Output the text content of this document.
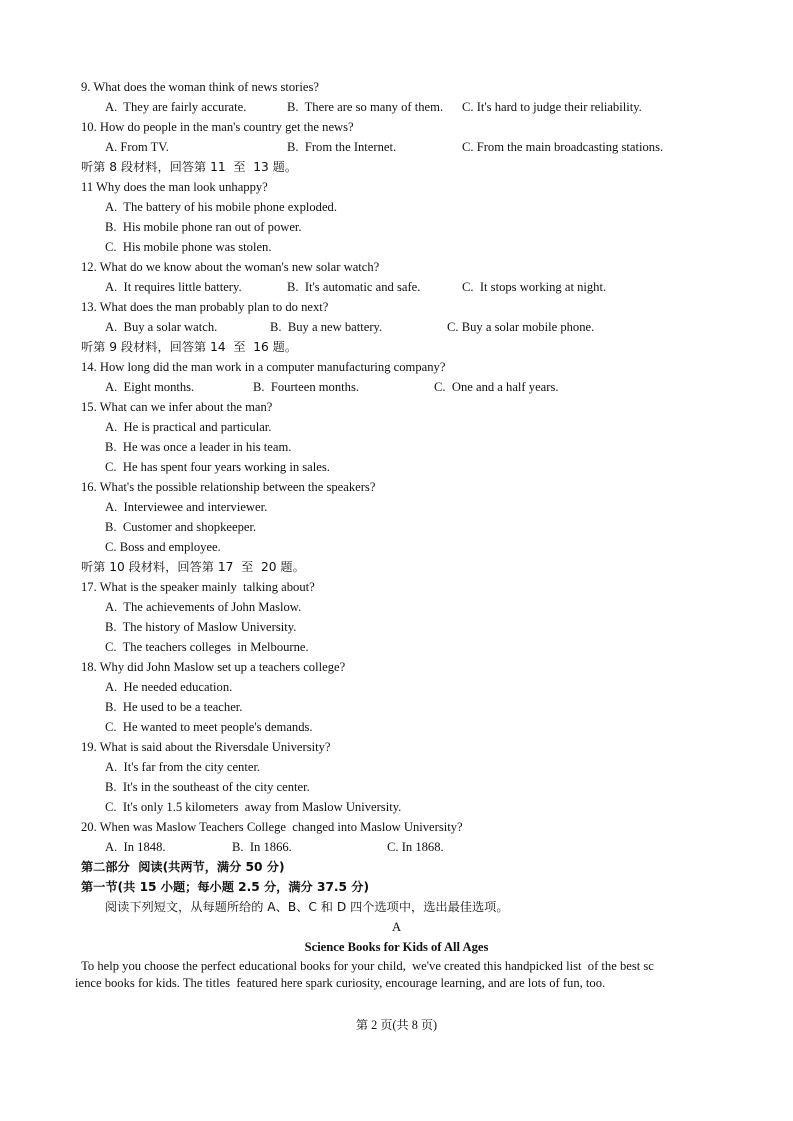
9. What does the woman think of news stories?

A.  They are fairly accurate.

	B.  There are so many of them.

C. It's hard to judge their reliability.

10. How do people in the man's country get the news?

A. From TV.

	B.  From the Internet.

	C. From the main broadcasting stations.

听第 8 段材料，回答第 11  至  13 题。
11 Why does the man look unhappy?
A.  The battery of his mobile phone exploded.
B.  His mobile phone ran out of power.
C.  His mobile phone was stolen.
12. What do we know about the woman's new solar watch?

A.  It requires little battery.

	B.  It's automatic and safe.

	C.  It stops working at night.

13. What does the man probably plan to do next?

A.  Buy a solar watch.

	B.  Buy a new battery.

	C. Buy a solar mobile phone.

听第 9 段材料，回答第 14  至  16 题。
14. How long did the man work in a computer manufacturing company?

A.  Eight months.

	B.  Fourteen months.

	C.  One and a half years.

15. What can we infer about the man?
A.  He is practical and particular.
B.  He was once a leader in his team.
C.  He has spent four years working in sales.
16. What's the possible relationship between the speakers?
A.  Interviewee and interviewer.
B.  Customer and shopkeeper.
C. Boss and employee.
听第 10 段材料，回答第 17  至  20 题。
17. What is the speaker mainly  talking about?
A.  The achievements of John Maslow.
B.  The history of Maslow University.
C.  The teachers colleges  in Melbourne.
18. Why did John Maslow set up a teachers college?
A.  He needed education.
B.  He used to be a teacher.
C.  He wanted to meet people's demands.
19. What is said about the Riversdale University?
A.  It's far from the city center.
B.  It's in the southeast of the city center.
C.  It's only 1.5 kilometers  away from Maslow University.
20. When was Maslow Teachers College  changed into Maslow University?

A.  In 1848.

	B.  In 1866.

	C. In 1868.

第二部分  阅读(共两节，满分 50 分)
第一节(共 15 小题；每小题 2.5 分，满分 37.5 分)
阅读下列短文，从每题所给的 A、B、C 和 D 四个选项中，选出最佳选项。
A
Science Books for Kids of All Ages
To help you choose the perfect educational books for your child,  we've created this handpicked list  of the best sc
ience books for kids. The titles  featured here spark curiosity, encourage learning, and are lots of fun, too.
第 2 页(共 8 页)
